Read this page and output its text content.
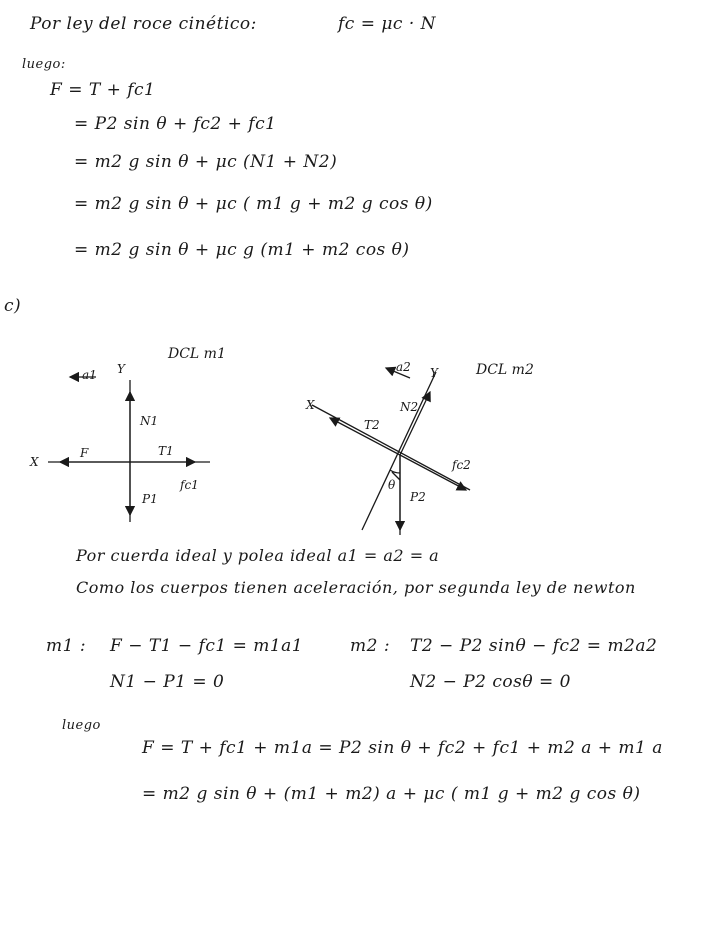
Por ley del roce cinético:	fc = μc · N
luego:
F = T + fc1
= P2 sin θ + fc2 + fc1
= m2 g sin θ + μc (N1 + N2)
= m2 g sin θ + μc ( m1 g + m2 g cos θ)
= m2 g sin θ + μc g (m1 + m2 cos θ)
c)
DCL m1
a1 Y
X
N1
F	T1
fc1
P1
DCL m2
a2 Y
X	N2
T2
fc2
θ
P2
Por cuerda ideal y polea ideal a1 = a2 = a
Como los cuerpos tienen aceleración, por segunda ley de newton
m1 : F − T1 − fc1 = m1a1
N1 − P1 = 0
m2 : T2 − P2 sinθ − fc2 = m2a2
N2 − P2 cosθ = 0
luego
F = T + fc1 + m1a = P2 sin θ + fc2 + fc1 + m2 a + m1 a
= m2 g sin θ + (m1 + m2) a + μc ( m1 g + m2 g cos θ)
